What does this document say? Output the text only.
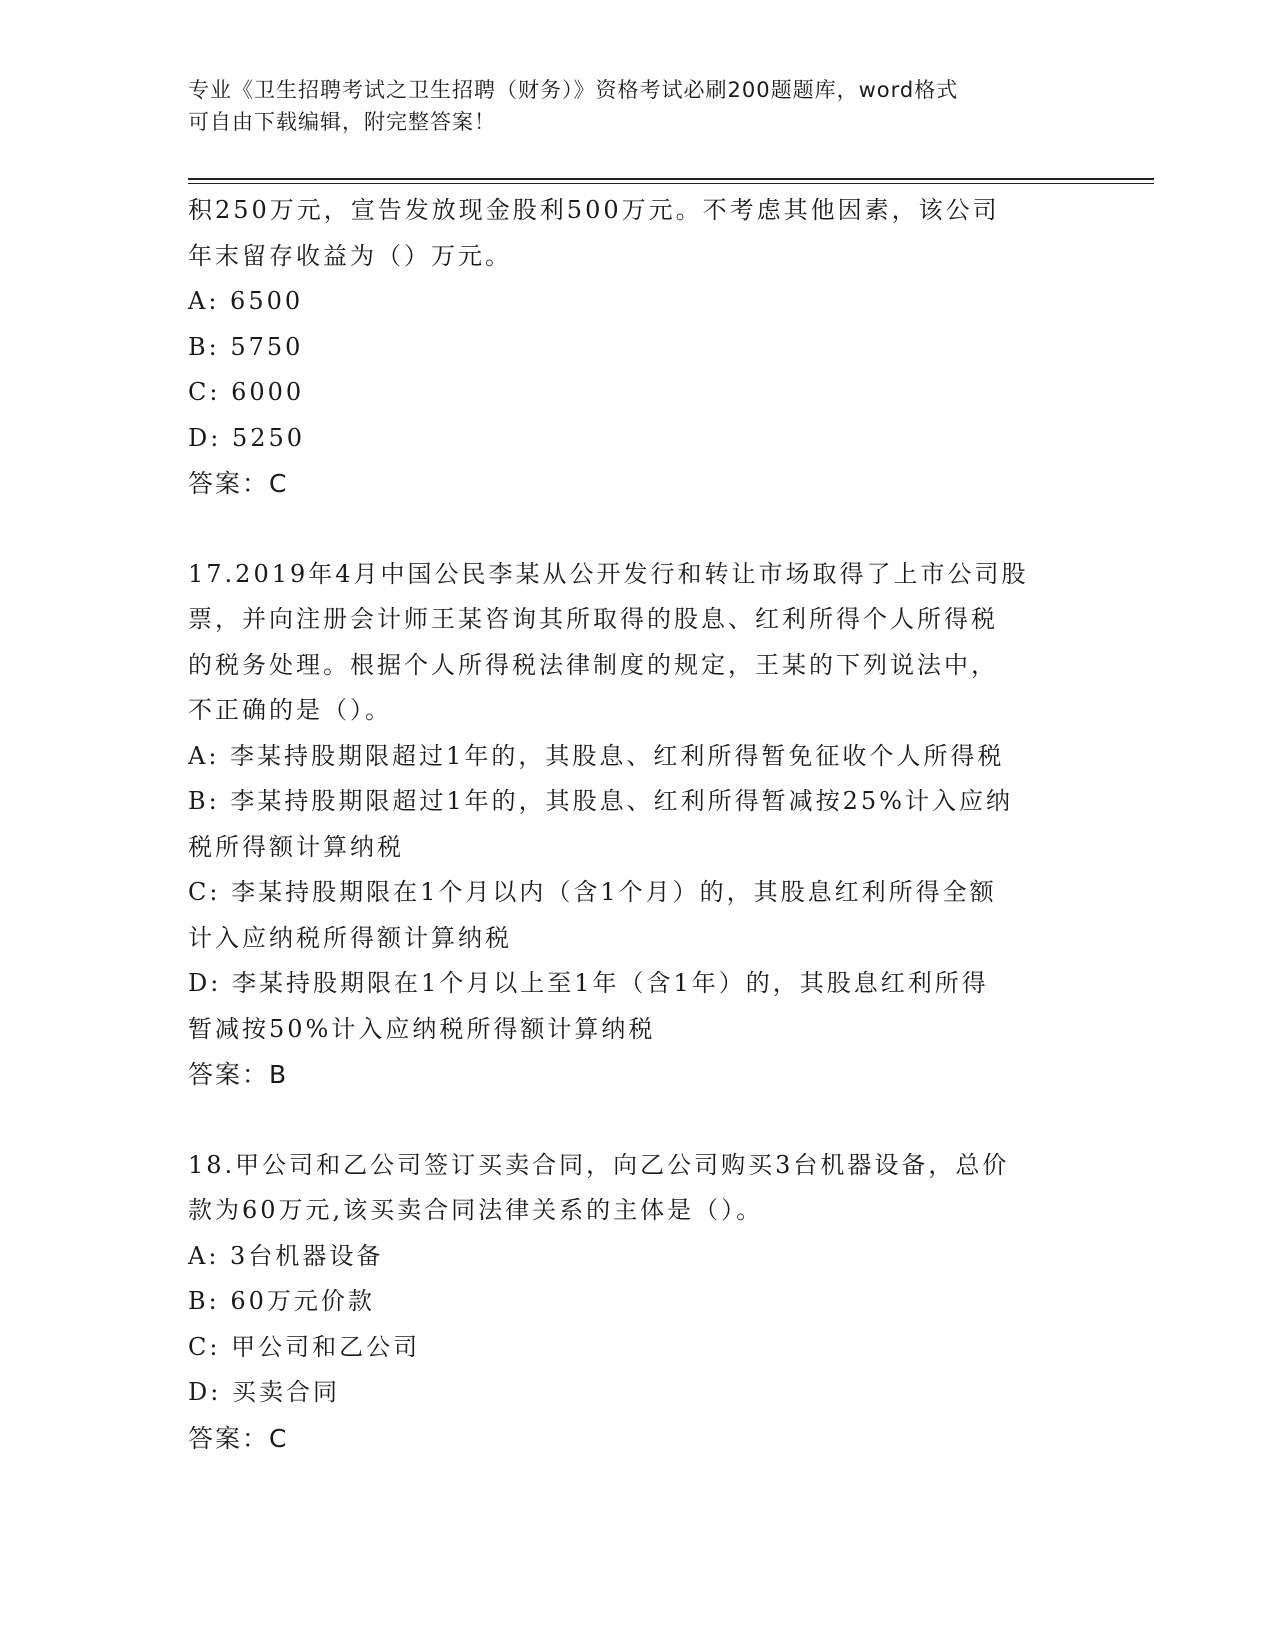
专业《卫生招聘考试之卫生招聘（财务）》资格考试必刷200题题库，word格式
可自由下载编辑，附完整答案！
积250万元，宣告发放现金股利500万元。不考虑其他因素，该公司
年末留存收益为（）万元。
A: 6500
B: 5750
C: 6000
D: 5250
答案：C
17.2019年4月中国公民李某从公开发行和转让市场取得了上市公司股
票，并向注册会计师王某咨询其所取得的股息、红利所得个人所得税
的税务处理。根据个人所得税法律制度的规定，王某的下列说法中，
不正确的是（）。
A: 李某持股期限超过1年的，其股息、红利所得暂免征收个人所得税
B: 李某持股期限超过1年的，其股息、红利所得暂减按25%计入应纳
税所得额计算纳税
C: 李某持股期限在1个月以内（含1个月）的，其股息红利所得全额
计入应纳税所得额计算纳税
D: 李某持股期限在1个月以上至1年（含1年）的，其股息红利所得
暂减按50%计入应纳税所得额计算纳税
答案：B
18.甲公司和乙公司签订买卖合同，向乙公司购买3台机器设备，总价
款为60万元,该买卖合同法律关系的主体是（）。
A: 3台机器设备
B: 60万元价款
C: 甲公司和乙公司
D: 买卖合同
答案：C
